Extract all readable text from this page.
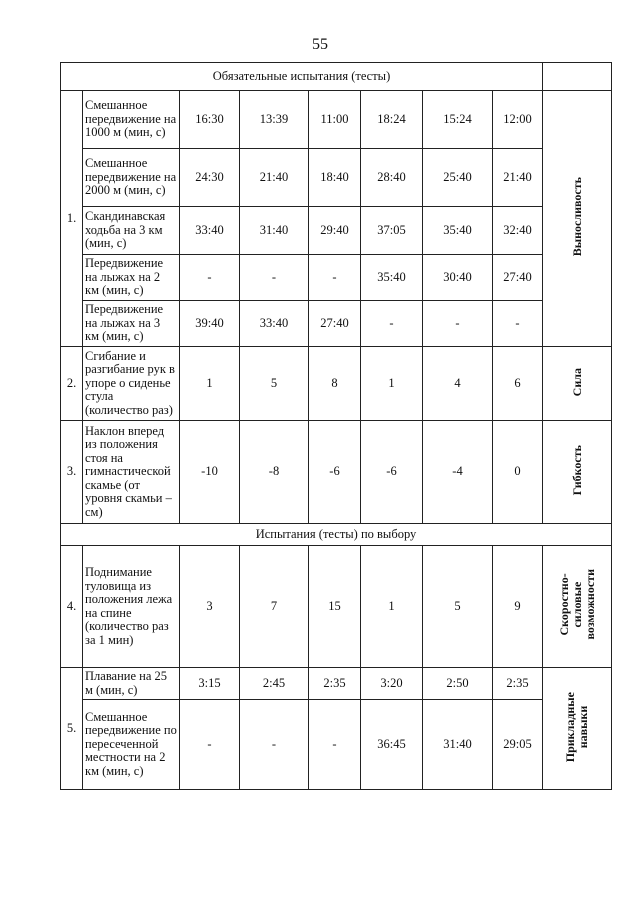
55
Обязательные испытания (тесты)								
1.	Смешанное передвижение на 1000 м (мин, с)	16:30	13:39	11:00	18:24	15:24	12:00	Выносливость
	Смешанное передвижение на 2000 м (мин, с)	24:30	21:40	18:40	28:40	25:40	21:40	
	Скандинавская ходьба на 3 км (мин, с)	33:40	31:40	29:40	37:05	35:40	32:40	
	Передвижение на лыжах на 2 км (мин, с)	-	-	-	35:40	30:40	27:40	
	Передвижение на лыжах на 3 км (мин, с)	39:40	33:40	27:40	-	-	-	
2.	Сгибание и разгибание рук в упоре о сиденье стула (количество раз)	1	5	8	1	4	6	Сила
3.	Наклон вперед из положения стоя на гимнастической скамье (от уровня скамьи – см)	-10	-8	-6	-6	-4	0	Гибкость
Испытания (тесты) по выбору								
4.	Поднимание туловища из положения лежа на спине (количество раз за 1 мин)	3	7	15	1	5	9	Скоростно-
силовые
возможности
5.	Плавание на 25 м (мин, с)	3:15	2:45	2:35	3:20	2:50	2:35	Прикладные
навыки
	Смешанное передвижение по пересеченной местности на 2 км (мин, с)	-	-	-	36:45	31:40	29:05	
